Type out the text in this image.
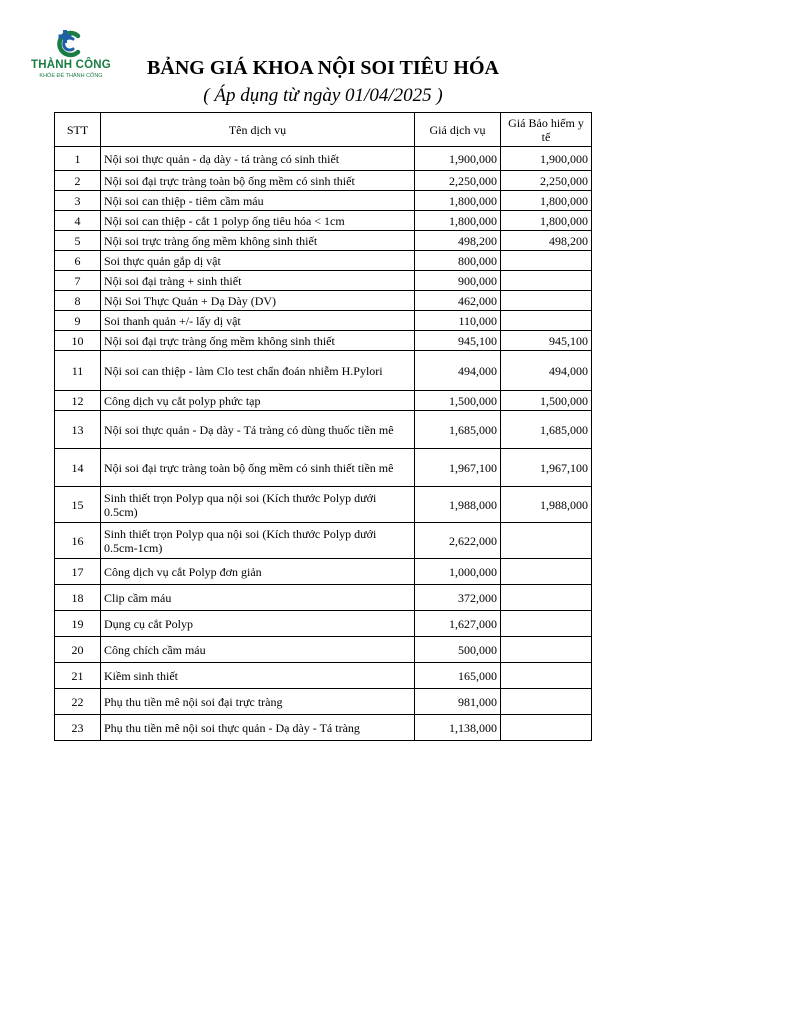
THÀNH CÔNG
KHỎE ĐỂ THÀNH CÔNG	BẢNG GIÁ KHOA NỘI SOI TIÊU HÓA
( Áp dụng từ ngày 01/04/2025 )
STT	Tên dịch vụ	Giá dịch vụ	Giá Bảo hiểm y tế
1	Nội soi thực quản - dạ dày - tá tràng có sinh thiết	1,900,000	1,900,000
2	Nội soi đại trực tràng toàn bộ ống mềm có sinh thiết	2,250,000	2,250,000
3	Nội soi can thiệp - tiêm cầm máu	1,800,000	1,800,000
4	Nội soi can thiệp - cắt 1 polyp ống tiêu hóa < 1cm	1,800,000	1,800,000
5	Nội soi trực tràng ống mềm không sinh thiết	498,200	498,200
6	Soi thực quản gắp dị vật	800,000	
7	Nội soi đại tràng + sinh thiết	900,000	
8	Nội Soi Thực Quản + Dạ Dày (DV)	462,000	
9	Soi thanh quản +/- lấy dị vật	110,000	
10	Nội soi đại trực tràng ống mềm không sinh thiết	945,100	945,100
11	Nội soi can thiệp - làm Clo test chẩn đoán nhiễm H.Pylori	494,000	494,000
12	Công dịch vụ cắt polyp phức tạp	1,500,000	1,500,000
13	Nội soi thực quản - Dạ dày - Tá tràng có dùng thuốc tiền mê	1,685,000	1,685,000
14	Nội soi đại trực tràng toàn bộ ống mềm có sinh thiết tiền mê	1,967,100	1,967,100
15	Sinh thiết trọn Polyp qua nội soi (Kích thước Polyp dưới 0.5cm)	1,988,000	1,988,000
16	Sinh thiết trọn Polyp qua nội soi (Kích thước Polyp dưới 0.5cm-1cm)	2,622,000	
17	Công dịch vụ cắt Polyp đơn giản	1,000,000	
18	Clip cầm máu	372,000	
19	Dụng cụ cắt Polyp	1,627,000	
20	Công chích cầm máu	500,000	
21	Kiềm sinh thiết	165,000	
22	Phụ thu tiền mê nội soi đại trực tràng	981,000	
23	Phụ thu tiền mê nội soi thực quản - Dạ dày - Tá tràng	1,138,000	
